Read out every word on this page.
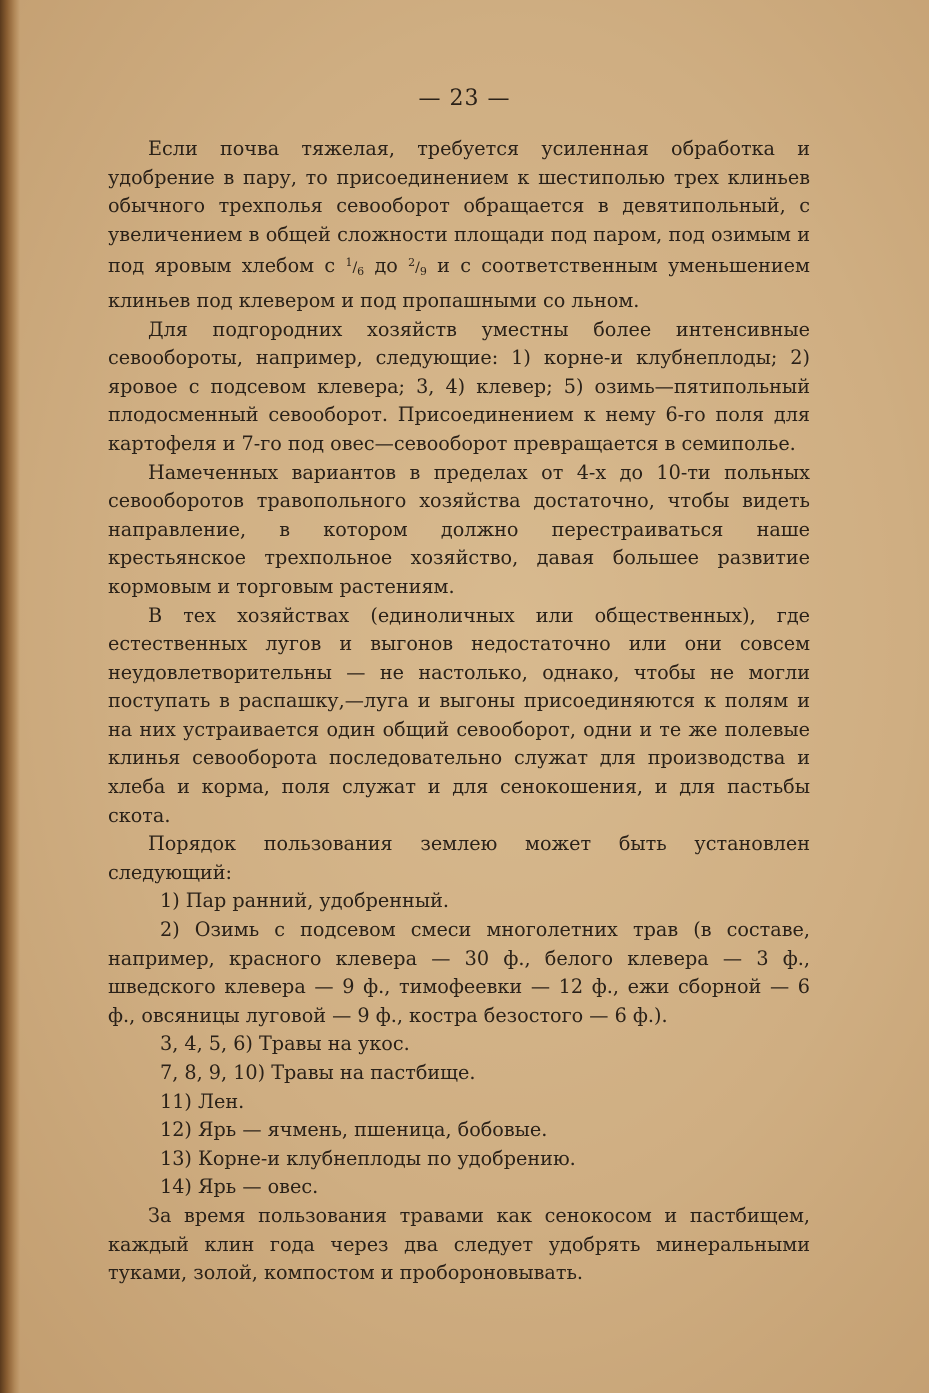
— 23 —

Если почва тяжелая, требуется усиленная обработка и удобрение в пару, то присоединением к шестиполью трех клиньев обычного трехполья севооборот обращается в девятипольный, с увеличением в общей сложности площади под паром, под озимым и под яровым хлебом с $^1/_6$ до $^2/_9$ и с соответственным уменьшением клиньев под клевером и под пропашными со льном.

Для подгородних хозяйств уместны более интенсивные севообороты, например, следующие: 1) корне-и клубнеплоды; 2) яровое с подсевом клевера; 3, 4) клевер; 5) озимь—пятипольный плодосменный севооборот. Присоединением к нему 6-го поля для картофеля и 7-го под овес—севооборот превращается в семиполье.

Намеченных вариантов в пределах от 4-х до 10-ти польных севооборотов травопольного хозяйства достаточно, чтобы видеть направление, в котором должно перестраиваться наше крестьянское трехпольное хозяйство, давая большее развитие кормовым и торговым растениям.

В тех хозяйствах (единоличных или общественных), где естественных лугов и выгонов недостаточно или они совсем неудовлетворительны — не настолько, однако, чтобы не могли поступать в распашку,—луга и выгоны присоединяются к полям и на них устраивается один общий севооборот, одни и те же полевые клинья севооборота последовательно служат для производства и хлеба и корма, поля служат и для сенокошения, и для пастьбы скота.

Порядок пользования землею может быть установлен следующий:

1) Пар ранний, удобренный.

2) Озимь с подсевом смеси многолетних трав (в составе, например, красного клевера — 30 ф., белого клевера — 3 ф., шведского клевера — 9 ф., тимофеевки — 12 ф., ежи сборной — 6 ф., овсяницы луговой — 9 ф., костра безостого — 6 ф.).

3, 4, 5, 6) Травы на укос.

7, 8, 9, 10) Травы на пастбище.

11) Лен.

12) Ярь — ячмень, пшеница, бобовые.

13) Корне-и клубнеплоды по удобрению.

14) Ярь — овес.

За время пользования травами как сенокосом и пастбищем, каждый клин года через два следует удобрять минеральными туками, золой, компостом и пробороновывать.
